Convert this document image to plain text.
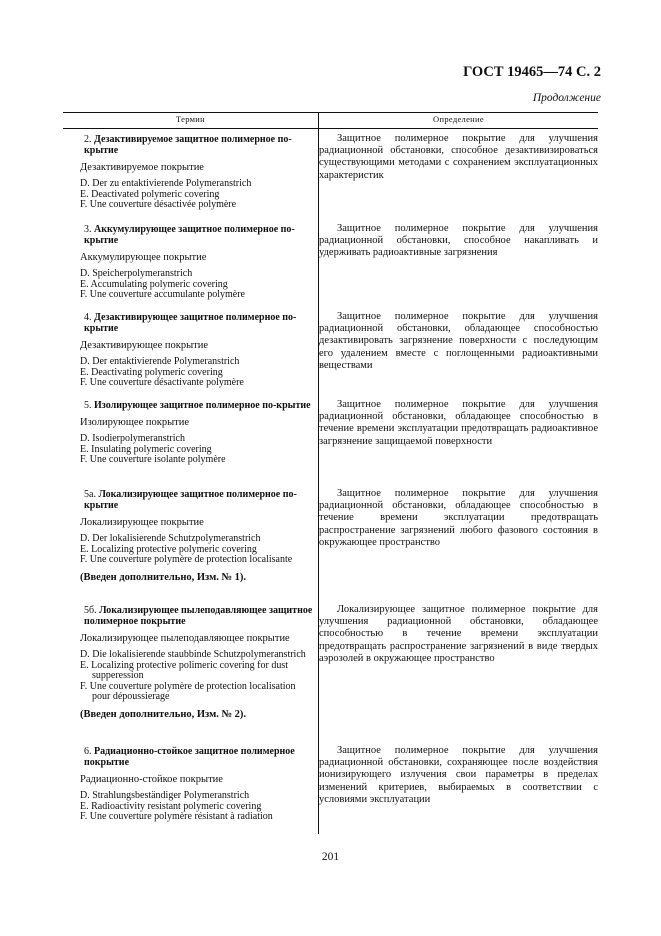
ГОСТ 19465—74 С. 2
Продолжение
Термин	Определение
2. Дезактивируемое защитное полимерное по-крытие
Дезактивируемое покрытие
D. Der zu entaktivierende Polymeranstrich
E. Deactivated polymeric covering
F. Une couverture désactivée polymère
Защитное полимерное покрытие для улучшения радиационной обстановки, способное дезактивизироваться существующими методами с сохранением эксплуатационных характеристик
3. Аккумулирующее защитное полимерное по-крытие
Аккумулирующее покрытие
D. Speicherpolymeranstrich
E. Accumulating polymeric covering
F. Une couverture accumulante polymère
Защитное полимерное покрытие для улучшения радиационной обстановки, способное накапливать и удерживать радиоактивные загрязнения
4. Дезактивирующее защитное полимерное по-крытие
Дезактивирующее покрытие
D. Der entaktivierende Polymeranstrich
E. Deactivating polymeric covering
F. Une couverture désactivante polymère
Защитное полимерное покрытие для улучшения радиационной обстановки, обладающее способностью дезактивировать загрязнение поверхности с последующим его удалением вместе с поглощенными радиоактивными веществами
5. Изолирующее защитное полимерное по-крытие
Изолирующее покрытие
D. Isodierpolymeranstrich
E. Insulating polymeric covering
F. Une couverture isolante polymère
Защитное полимерное покрытие для улучшения радиационной обстановки, обладающее способностью в течение времени эксплуатации предотвращать радиоактивное загрязнение защищаемой поверхности
5а. Локализирующее защитное полимерное по-крытие
Локализирующее покрытие
D. Der lokalisierende Schutzpolymeranstrich
E. Localizing protective polymeric covering
F. Une couverture polymère de protection localisante
(Введен дополнительно, Изм. № 1).
Защитное полимерное покрытие для улучшения радиационной обстановки, обладающее способностью в течение времени эксплуатации предотвращать распространение загрязнений любого фазового состояния в окружающее пространство
5б. Локализирующее пылеподавляющее защитное полимерное покрытие
Локализирующее пылеподавляющее покрытие
D. Die lokalisierende staubbinde Schutzpolymeranstrich
E. Localizing protective polimeric covering for dust supperession
F. Une couverture polymère de protection localisation pour dépoussierage
(Введен дополнительно, Изм. № 2).
Локализирующее защитное полимерное покрытие для улучшения радиационной обстановки, обладающее способностью в течение времени эксплуатации предотвращать распространение загрязнений в виде твердых аэрозолей в окружающее пространство
6. Радиационно-стойкое защитное полимерное покрытие
Радиационно-стойкое покрытие
D. Strahlungsbeständiger Polymeranstrich
E. Radioactivity resistant polymeric covering
F. Une couverture polymère résistant à radiation
Защитное полимерное покрытие для улучшения радиационной обстановки, сохраняющее после воздействия ионизирующего излучения свои параметры в пределах изменений критериев, выбираемых в соответствии с условиями эксплуатации
201
